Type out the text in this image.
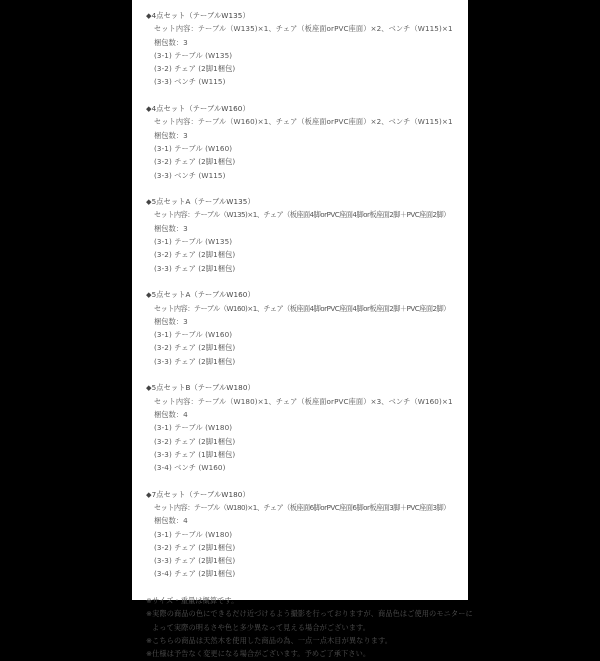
◆4点セット（テーブルW135）
セット内容：テーブル（W135)×1、チェア（板座面orPVC座面）×2、ベンチ（W115)×1
梱包数：3
(3-1) テーブル (W135)
(3-2) チェア (2脚1梱包)
(3-3) ベンチ (W115)
◆4点セット（テーブルW160）
セット内容：テーブル（W160)×1、チェア（板座面orPVC座面）×2、ベンチ（W115)×1
梱包数：3
(3-1) テーブル (W160)
(3-2) チェア (2脚1梱包)
(3-3) ベンチ (W115)
◆5点セットA（テーブルW135）
セット内容：テーブル（W135)×1、チェア（板座面4脚orPVC座面4脚or板座面2脚＋PVC座面2脚）
梱包数：3
(3-1) テーブル (W135)
(3-2) チェア (2脚1梱包)
(3-3) チェア (2脚1梱包)
◆5点セットA（テーブルW160）
セット内容：テーブル（W160)×1、チェア（板座面4脚orPVC座面4脚or板座面2脚＋PVC座面2脚）
梱包数：3
(3-1) テーブル (W160)
(3-2) チェア (2脚1梱包)
(3-3) チェア (2脚1梱包)
◆5点セットB（テーブルW180）
セット内容：テーブル（W180)×1、チェア（板座面orPVC座面）×3、ベンチ（W160)×1
梱包数：4
(3-1) テーブル (W180)
(3-2) チェア (2脚1梱包)
(3-3) チェア (1脚1梱包)
(3-4) ベンチ (W160)
◆7点セット（テーブルW180）
セット内容：テーブル（W180)×1、チェア（板座面6脚orPVC座面6脚or板座面3脚＋PVC座面3脚）
梱包数：4
(3-1) テーブル (W180)
(3-2) チェア (2脚1梱包)
(3-3) チェア (2脚1梱包)
(3-4) チェア (2脚1梱包)
※サイズ・重量は概算です。
※実際の商品の色にできるだけ近づけるよう撮影を行っておりますが、商品色はご使用のモニターに
よって実際の明るさや色と多少異なって見える場合がございます。
※こちらの商品は天然木を使用した商品の為、一点一点木目が異なります。
※仕様は予告なく変更になる場合がございます。予めご了承下さい。
